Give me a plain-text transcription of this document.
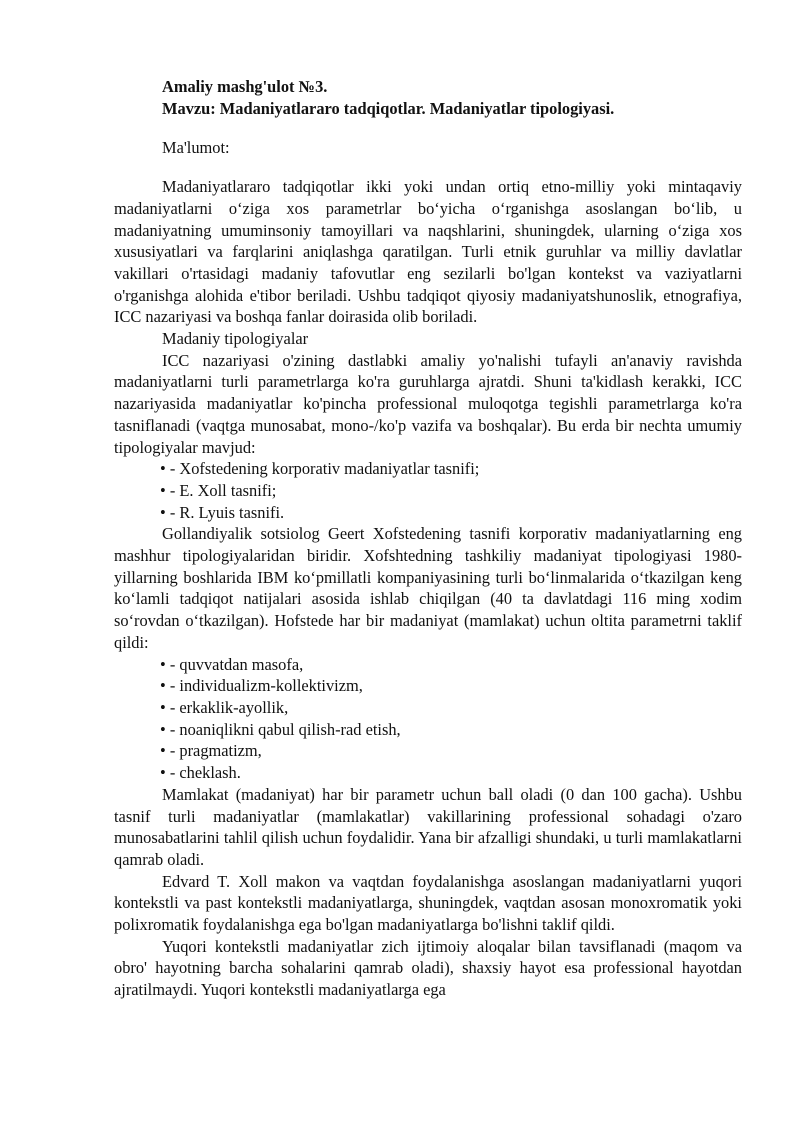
Amaliy mashg'ulot №3.
Mavzu: Madaniyatlararo tadqiqotlar. Madaniyatlar tipologiyasi.
Ma'lumot:

Madaniyatlararo tadqiqotlar ikki yoki undan ortiq etno-milliy yoki mintaqaviy madaniyatlarni o‘ziga xos parametrlar bo‘yicha o‘rganishga asoslangan bo‘lib, u madaniyatning umuminsoniy tamoyillari va naqshlarini, shuningdek, ularning o‘ziga xos xususiyatlari va farqlarini aniqlashga qaratilgan. Turli etnik guruhlar va milliy davlatlar vakillari o'rtasidagi madaniy tafovutlar eng sezilarli bo'lgan kontekst va vaziyatlarni o'rganishga alohida e'tibor beriladi. Ushbu tadqiqot qiyosiy madaniyatshunoslik, etnografiya, ICC nazariyasi va boshqa fanlar doirasida olib boriladi.

Madaniy tipologiyalar

ICC nazariyasi o'zining dastlabki amaliy yo'nalishi tufayli an'anaviy ravishda madaniyatlarni turli parametrlarga ko'ra guruhlarga ajratdi. Shuni ta'kidlash kerakki, ICC nazariyasida madaniyatlar ko'pincha professional muloqotga tegishli parametrlarga ko'ra tasniflanadi (vaqtga munosabat, mono-/ko'p vazifa va boshqalar). Bu erda bir nechta umumiy tipologiyalar mavjud:

• - Xofstedening korporativ madaniyatlar tasnifi;
• - E. Xoll tasnifi;
• - R. Lyuis tasnifi.

Gollandiyalik sotsiolog Geert Xofstedening tasnifi korporativ madaniyatlarning eng mashhur tipologiyalaridan biridir. Xofshtedning tashkiliy madaniyat tipologiyasi 1980-yillarning boshlarida IBM ko‘pmillatli kompaniyasining turli bo‘linmalarida o‘tkazilgan keng ko‘lamli tadqiqot natijalari asosida ishlab chiqilgan (40 ta davlatdagi 116 ming xodim so‘rovdan o‘tkazilgan). Hofstede har bir madaniyat (mamlakat) uchun oltita parametrni taklif qildi:

• - quvvatdan masofa,
• - individualizm-kollektivizm,
• - erkaklik-ayollik,
• - noaniqlikni qabul qilish-rad etish,
• - pragmatizm,
• - cheklash.

Mamlakat (madaniyat) har bir parametr uchun ball oladi (0 dan 100 gacha). Ushbu tasnif turli madaniyatlar (mamlakatlar) vakillarining professional sohadagi o'zaro munosabatlarini tahlil qilish uchun foydalidir. Yana bir afzalligi shundaki, u turli mamlakatlarni qamrab oladi.

Edvard T. Xoll makon va vaqtdan foydalanishga asoslangan madaniyatlarni yuqori kontekstli va past kontekstli madaniyatlarga, shuningdek, vaqtdan asosan monoxromatik yoki polixromatik foydalanishga ega bo'lgan madaniyatlarga bo'lishni taklif qildi.

Yuqori kontekstli madaniyatlar zich ijtimoiy aloqalar bilan tavsiflanadi (maqom va obro' hayotning barcha sohalarini qamrab oladi), shaxsiy hayot esa professional hayotdan ajratilmaydi. Yuqori kontekstli madaniyatlarga ega
